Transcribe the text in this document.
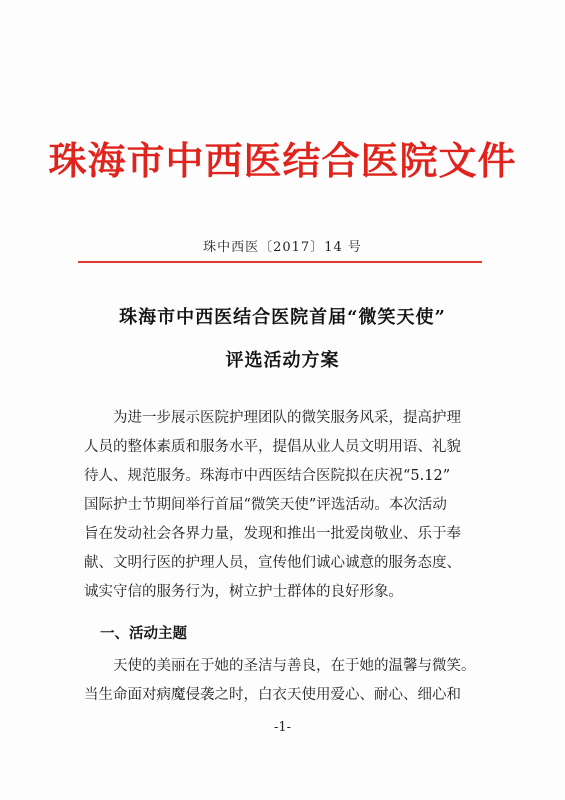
珠海市中西医结合医院文件
珠中西医〔2017〕14 号
珠海市中西医结合医院首届“微笑天使”
评选活动方案
为进一步展示医院护理团队的微笑服务风采，提高护理
人员的整体素质和服务水平，提倡从业人员文明用语、礼貌
待人、规范服务。珠海市中西医结合医院拟在庆祝“5.12”
国际护士节期间举行首届“微笑天使”评选活动。本次活动
旨在发动社会各界力量，发现和推出一批爱岗敬业、乐于奉
献、文明行医的护理人员，宣传他们诚心诚意的服务态度、
诚实守信的服务行为，树立护士群体的良好形象。
一、活动主题
天使的美丽在于她的圣洁与善良，在于她的温馨与微笑。
当生命面对病魔侵袭之时，白衣天使用爱心、耐心、细心和
-1-
